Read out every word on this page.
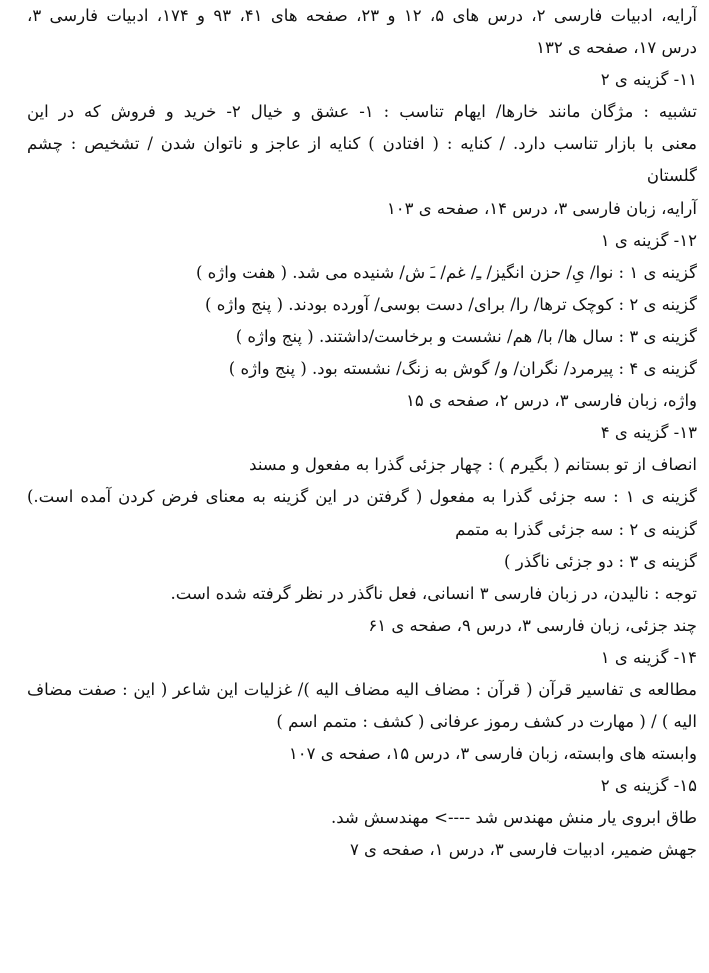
آرایه، ادبیات فارسی ۲، درس های ۵، ۱۲ و ۲۳، صفحه های ۴۱، ۹۳ و ۱۷۴، ادبیات فارسی ۳،
درس ۱۷، صفحه ی ۱۳۲
۱۱- گزینه ی ۲
تشبیه : مژگان مانند خارها/ ایهام تناسب : ۱- عشق و خیال ۲- خرید و فروش که در این
معنی با بازار تناسب دارد. / کنایه : ( افتادن ) کنایه از عاجز و ناتوان شدن / تشخیص : چشم
گلستان
آرایه، زبان فارسی ۳، درس ۱۴، صفحه ی ۱۰۳
۱۲- گزینه ی ۱
گزینه ی ۱ : نوا/ یِ/ حزن انگیز/ ـِ/ غم/ ـَ ش/ شنیده می شد. ( هفت واژه )
گزینه ی ۲ : کوچک ترها/ را/ برای/ دست بوسی/ آورده بودند. ( پنج واژه )
گزینه ی ۳ : سال ها/ با/ هم/ نشست و برخاست/داشتند. ( پنج واژه )
گزینه ی ۴ : پیرمرد/ نگران/ و/ گوش به زنگ/ نشسته بود. ( پنج واژه )
واژه، زبان فارسی ۳، درس ۲، صفحه ی ۱۵
۱۳- گزینه ی ۴
انصاف از تو بستانم ( بگیرم ) : چهار جزئی گذرا به مفعول و مسند
گزینه ی ۱ : سه جزئی گذرا به مفعول ( گرفتن در این گزینه به معنای فرض کردن آمده است.)
گزینه ی ۲ : سه جزئی گذرا به متمم
گزینه ی ۳ : دو جزئی ناگذر )
توجه : نالیدن، در زبان فارسی ۳ انسانی، فعل ناگذر در نظر گرفته شده است.
چند جزئی، زبان فارسی ۳، درس ۹، صفحه ی ۶۱
۱۴- گزینه ی ۱
مطالعه ی تفاسیر قرآن ( قرآن : مضاف الیه مضاف الیه )/ غزلیات این شاعر ( این : صفت مضاف
الیه ) / ( مهارت در کشف رموز عرفانی ( کشف : متمم اسم )
وابسته های وابسته، زبان فارسی ۳، درس ۱۵، صفحه ی ۱۰۷
۱۵- گزینه ی ۲
طاق ابروی یار منش مهندس شد ----> مهندسش شد.
جهش ضمیر، ادبیات فارسی ۳، درس ۱، صفحه ی ۷
